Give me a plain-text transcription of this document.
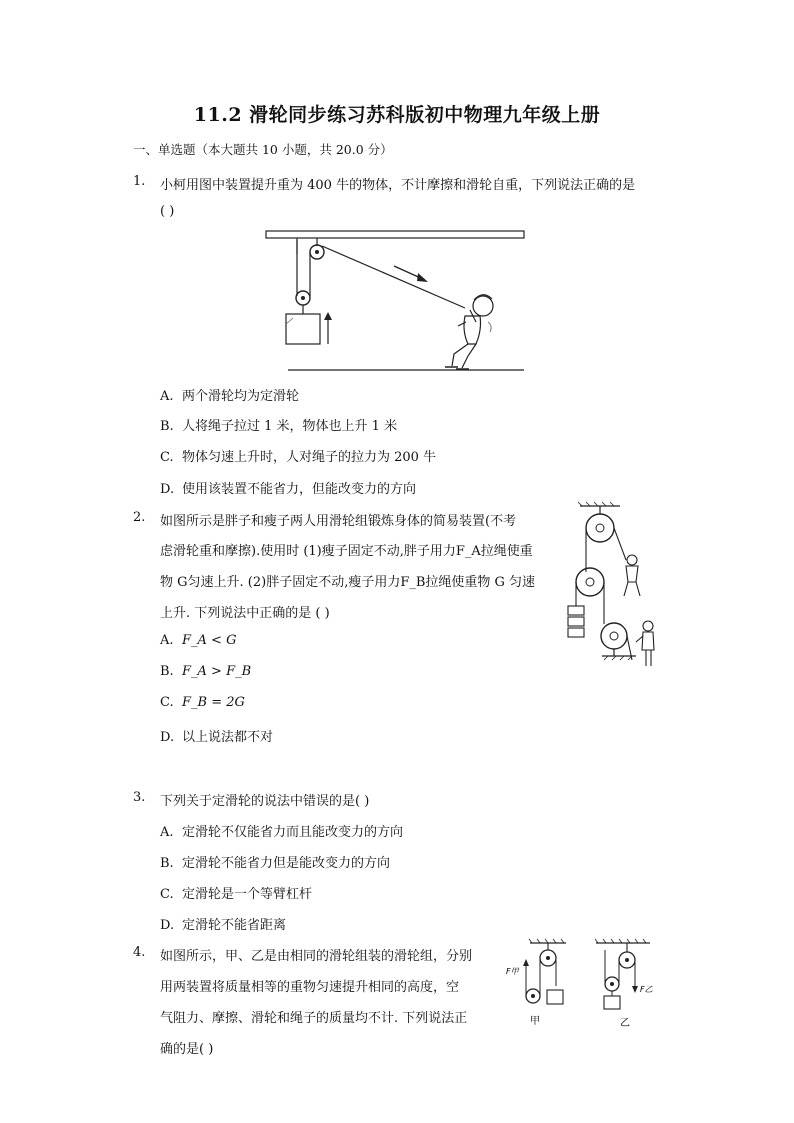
11.2 滑轮同步练习苏科版初中物理九年级上册
一、单选题（本大题共 10 小题，共 20.0 分）
1. 小柯用图中装置提升重为 400 牛的物体，不计摩擦和滑轮自重，下列说法正确的是
( )
A. 两个滑轮均为定滑轮
B. 人将绳子拉过 1 米，物体也上升 1 米
C. 物体匀速上升时，人对绳子的拉力为 200 牛
D. 使用该装置不能省力，但能改变力的方向
2. 如图所示是胖子和瘦子两人用滑轮组锻炼身体的简易装置(不考
虑滑轮重和摩擦).使用时 (1)瘦子固定不动,胖子用力F_A拉绳使重
物 G匀速上升. (2)胖子固定不动,瘦子用力F_B拉绳使重物 G 匀速
上升. 下列说法中正确的是 ( )
A. F_A < G
B. F_A > F_B
C. F_B = 2G
D. 以上说法都不对
3. 下列关于定滑轮的说法中错误的是( )
A. 定滑轮不仅能省力而且能改变力的方向
B. 定滑轮不能省力但是能改变力的方向
C. 定滑轮是一个等臂杠杆
D. 定滑轮不能省距离
4. 如图所示，甲、乙是由相同的滑轮组装的滑轮组，分别
用两装置将质量相等的重物匀速提升相同的高度，空
气阻力、摩擦、滑轮和绳子的质量均不计. 下列说法正
确的是( )
F甲
甲
F乙
乙
